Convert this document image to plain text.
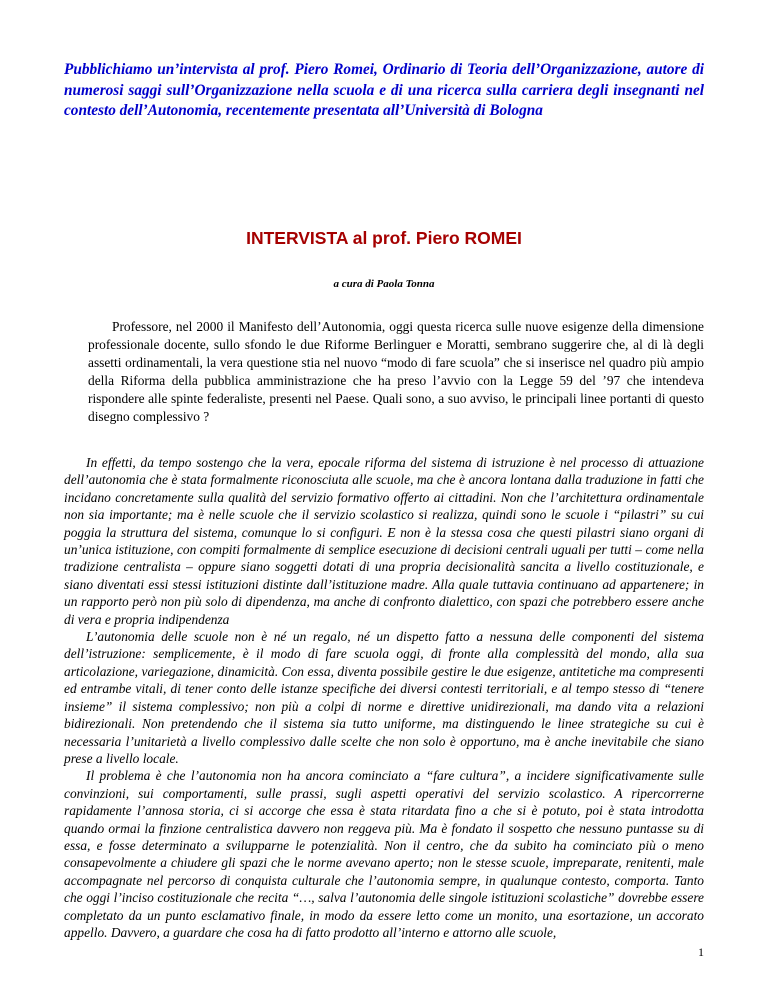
Pubblichiamo un’intervista al prof. Piero Romei, Ordinario di Teoria dell’Organizzazione, autore di numerosi saggi sull’Organizzazione nella scuola e di una ricerca sulla carriera degli insegnanti nel contesto dell’Autonomia, recentemente presentata all’Università di Bologna

INTERVISTA al prof. Piero ROMEI

a cura di Paola Tonna

Professore, nel 2000 il Manifesto dell’Autonomia, oggi questa ricerca sulle nuove esigenze della dimensione professionale docente, sullo sfondo le due Riforme Berlinguer e Moratti, sembrano suggerire che, al di là degli assetti ordinamentali, la vera questione stia nel nuovo “modo di fare scuola” che si inserisce nel quadro più ampio della Riforma della pubblica amministrazione che ha preso l’avvio con la Legge 59 del ’97 che intendeva rispondere alle spinte federaliste, presenti nel Paese. Quali sono, a suo avviso, le principali linee portanti di questo disegno complessivo ?

In effetti, da tempo sostengo che la vera, epocale riforma del sistema di istruzione è nel processo di attuazione dell’autonomia che è stata formalmente riconosciuta alle scuole, ma che è ancora lontana dalla traduzione in fatti che incidano concretamente sulla qualità del servizio formativo offerto ai cittadini. Non che l’architettura ordinamentale non sia importante; ma è nelle scuole che il servizio scolastico si realizza, quindi sono le scuole i “pilastri” su cui poggia la struttura del sistema, comunque lo si configuri. E non è la stessa cosa che questi pilastri siano organi di un’unica istituzione, con compiti formalmente di semplice esecuzione di decisioni centrali uguali per tutti – come nella tradizione centralista – oppure siano soggetti dotati di una propria decisionalità sancita a livello costituzionale, e siano diventati essi stessi istituzioni distinte dall’istituzione madre. Alla quale tuttavia continuano ad appartenere; in un rapporto però non più solo di dipendenza, ma anche di confronto dialettico, con spazi che potrebbero essere anche di vera e propria indipendenza

L’autonomia delle scuole non è né un regalo, né un dispetto fatto a nessuna delle componenti del sistema dell’istruzione: semplicemente, è il modo di fare scuola oggi, di fronte alla complessità del mondo, alla sua articolazione, variegazione, dinamicità. Con essa, diventa possibile gestire le due esigenze, antitetiche ma compresenti ed entrambe vitali, di tener conto delle istanze specifiche dei diversi contesti territoriali, e al tempo stesso di “tenere insieme” il sistema complessivo; non più a colpi di norme e direttive unidirezionali, ma dando vita a relazioni bidirezionali. Non pretendendo che il sistema sia tutto uniforme, ma distinguendo le linee strategiche su cui è necessaria l’unitarietà a livello complessivo dalle scelte che non solo è opportuno, ma è anche inevitabile che siano prese a livello locale.

Il problema è che l’autonomia non ha ancora cominciato a “fare cultura”, a incidere significativamente sulle convinzioni, sui comportamenti, sulle prassi, sugli aspetti operativi del servizio scolastico. A ripercorrerne rapidamente l’annosa storia, ci si accorge che essa è stata ritardata fino a che si è potuto, poi è stata introdotta quando ormai la finzione centralistica davvero non reggeva più. Ma è fondato il sospetto che nessuno puntasse su di essa, e fosse determinato a svilupparne le potenzialità. Non il centro, che da subito ha cominciato più o meno consapevolmente a chiudere gli spazi che le norme avevano aperto; non le stesse scuole, impreparate, renitenti, male accompagnate nel percorso di conquista culturale che l’autonomia sempre, in qualunque contesto, comporta. Tanto che oggi l’inciso costituzionale che recita “…, salva l’autonomia delle singole istituzioni scolastiche” dovrebbe essere completato da un punto esclamativo finale, in modo da essere letto come un monito, una esortazione, un accorato appello. Davvero, a guardare che cosa ha di fatto prodotto all’interno e attorno alle scuole,

1
